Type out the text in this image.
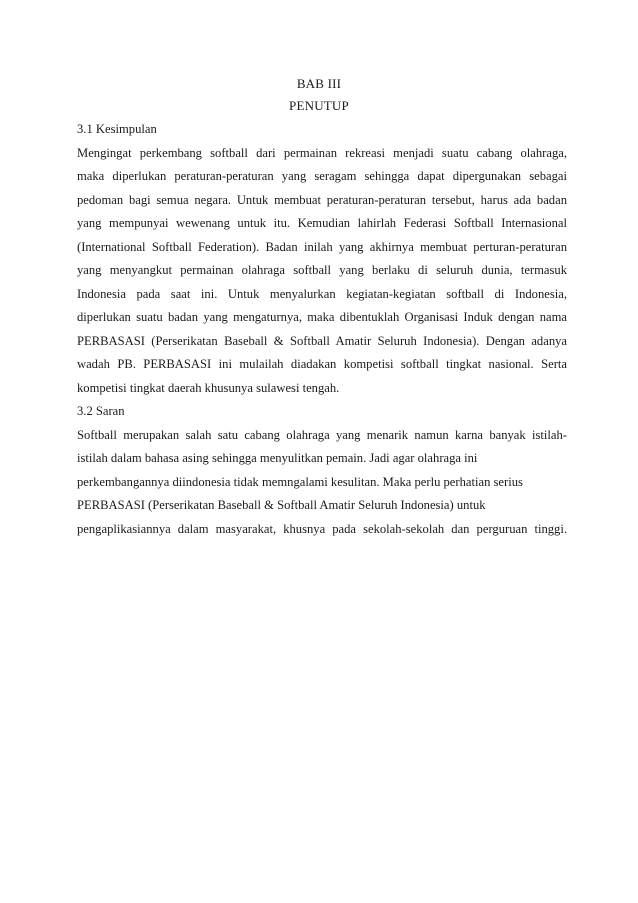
BAB III
PENUTUP
3.1 Kesimpulan
Mengingat perkembang softball dari permainan rekreasi menjadi suatu cabang olahraga,
maka diperlukan peraturan-peraturan yang seragam sehingga dapat dipergunakan sebagai
pedoman bagi semua negara. Untuk membuat peraturan-peraturan tersebut, harus ada badan
yang mempunyai wewenang untuk itu. Kemudian lahirlah Federasi Softball Internasional
(International Softball Federation). Badan inilah yang akhirnya membuat perturan-peraturan
yang menyangkut permainan olahraga softball yang berlaku di seluruh dunia, termasuk
Indonesia pada saat ini. Untuk menyalurkan kegiatan-kegiatan softball di Indonesia,
diperlukan suatu badan yang mengaturnya, maka dibentuklah Organisasi Induk dengan nama
PERBASASI (Perserikatan Baseball & Softball Amatir Seluruh Indonesia). Dengan adanya
wadah PB. PERBASASI ini mulailah diadakan kompetisi softball tingkat nasional. Serta
kompetisi tingkat daerah khusunya sulawesi tengah.
3.2 Saran
Softball merupakan salah satu cabang olahraga yang menarik namun karna banyak istilah-
istilah dalam bahasa asing sehingga menyulitkan pemain. Jadi agar olahraga ini
perkembangannya diindonesia tidak memngalami kesulitan. Maka perlu perhatian serius
PERBASASI (Perserikatan Baseball & Softball Amatir Seluruh Indonesia) untuk
pengaplikasiannya dalam masyarakat, khusnya pada sekolah-sekolah dan perguruan tinggi.
